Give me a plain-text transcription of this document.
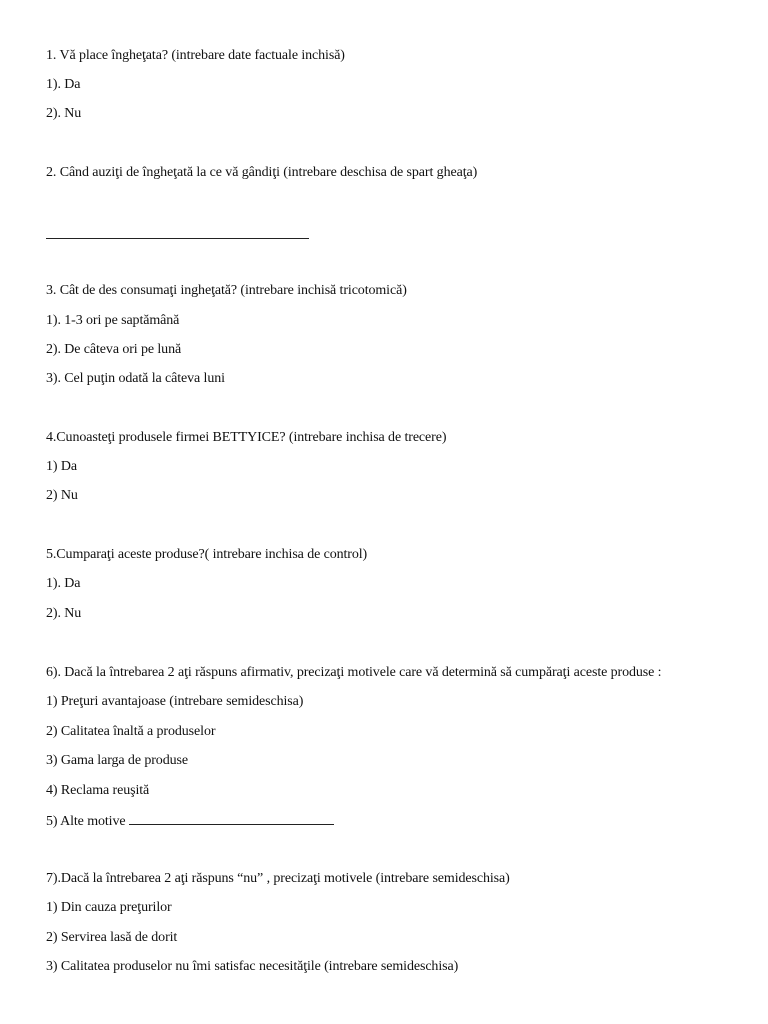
1. Vă place îngheţata? (intrebare date factuale inchisă)
1). Da
2). Nu
2. Când auziţi de îngheţată la ce vă gândiţi (intrebare deschisa de spart gheaţa)
3. Cât de des consumaţi ingheţată? (intrebare inchisă tricotomică)
1). 1-3 ori pe saptămână
2). De câteva ori pe lună
3). Cel puţin odată la câteva luni
4.Cunoasteţi produsele firmei BETTYICE? (intrebare inchisa de trecere)
1) Da
2) Nu
5.Cumparaţi aceste produse?( intrebare inchisa de control)
1). Da
2). Nu
6). Dacă la întrebarea 2 aţi răspuns afirmativ, precizaţi motivele care vă determină să cumpăraţi aceste produse :
1) Preţuri avantajoase (intrebare semideschisa)
2) Calitatea înaltă a produselor
3) Gama larga de produse
4) Reclama reuşită
5) Alte motive
7).Dacă la întrebarea 2 aţi răspuns “nu” , precizaţi motivele (intrebare semideschisa)
1) Din cauza preţurilor
2) Servirea lasă de dorit
3) Calitatea produselor nu îmi satisfac necesităţile (intrebare semideschisa)
